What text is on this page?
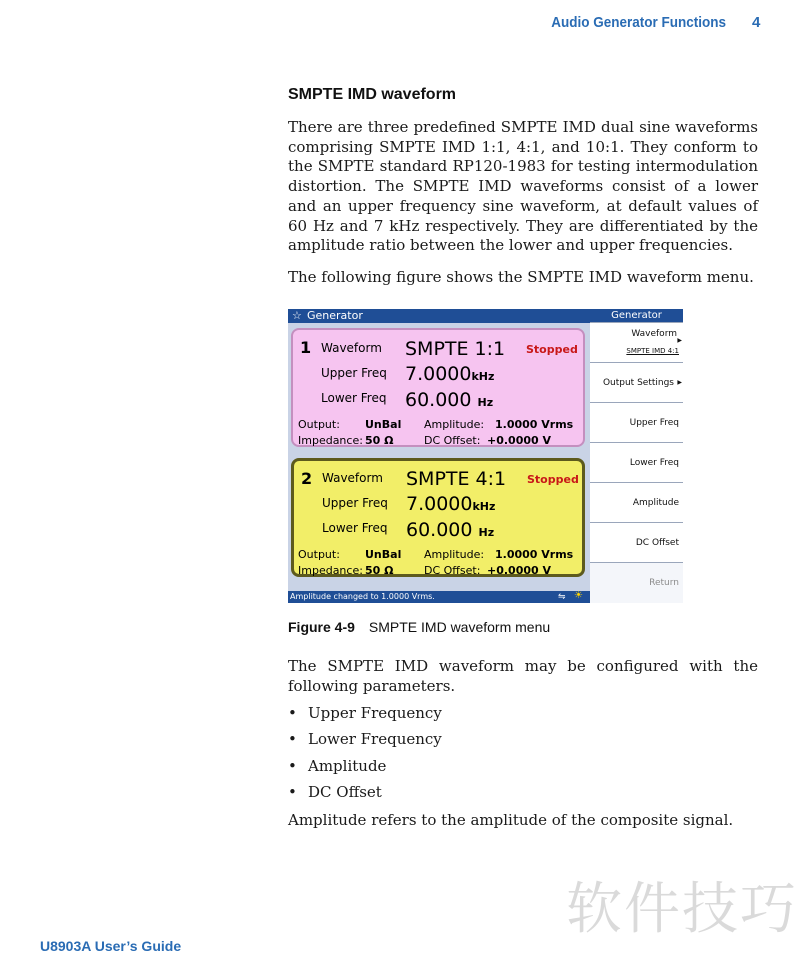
Audio Generator Functions 4
SMPTE IMD waveform

There are three predefined SMPTE IMD dual sine waveforms comprising SMPTE IMD 1:1, 4:1, and 10:1. They conform to the SMPTE standard RP120-1983 for testing intermodulation distortion. The SMPTE IMD waveforms consist of a lower and an upper frequency sine waveform, at default values of 60 Hz and 7 kHz respectively. They are differentiated by the amplitude ratio between the lower and upper frequencies.

The following figure shows the SMPTE IMD waveform menu.

☆ Generator
1 Waveform SMPTE 1:1 Stopped
Upper Freq 7.0000kHz
Lower Freq 60.000 Hz
Output: UnBal Amplitude: 1.0000 Vrms
Impedance: 50 Ω	DC Offset: +0.0000 V
2 Waveform SMPTE 4:1 Stopped
Upper Freq 7.0000kHz
Lower Freq 60.000 Hz
Output: UnBal Amplitude: 1.0000 Vrms
Impedance: 50 Ω	DC Offset: +0.0000 V
Amplitude changed to 1.0000 Vrms.	⇋ ☀
Generator
Waveform
▶
SMPTE IMD 4:1
Output Settings ▶
Upper Freq
Lower Freq
Amplitude
DC Offset
Return
Figure 4-9 SMPTE IMD waveform menu

The SMPTE IMD waveform may be configured with the following parameters.

• Upper Frequency
• Lower Frequency
• Amplitude
• DC Offset

Amplitude refers to the amplitude of the composite signal.

软件技巧
U8903A User’s Guide
